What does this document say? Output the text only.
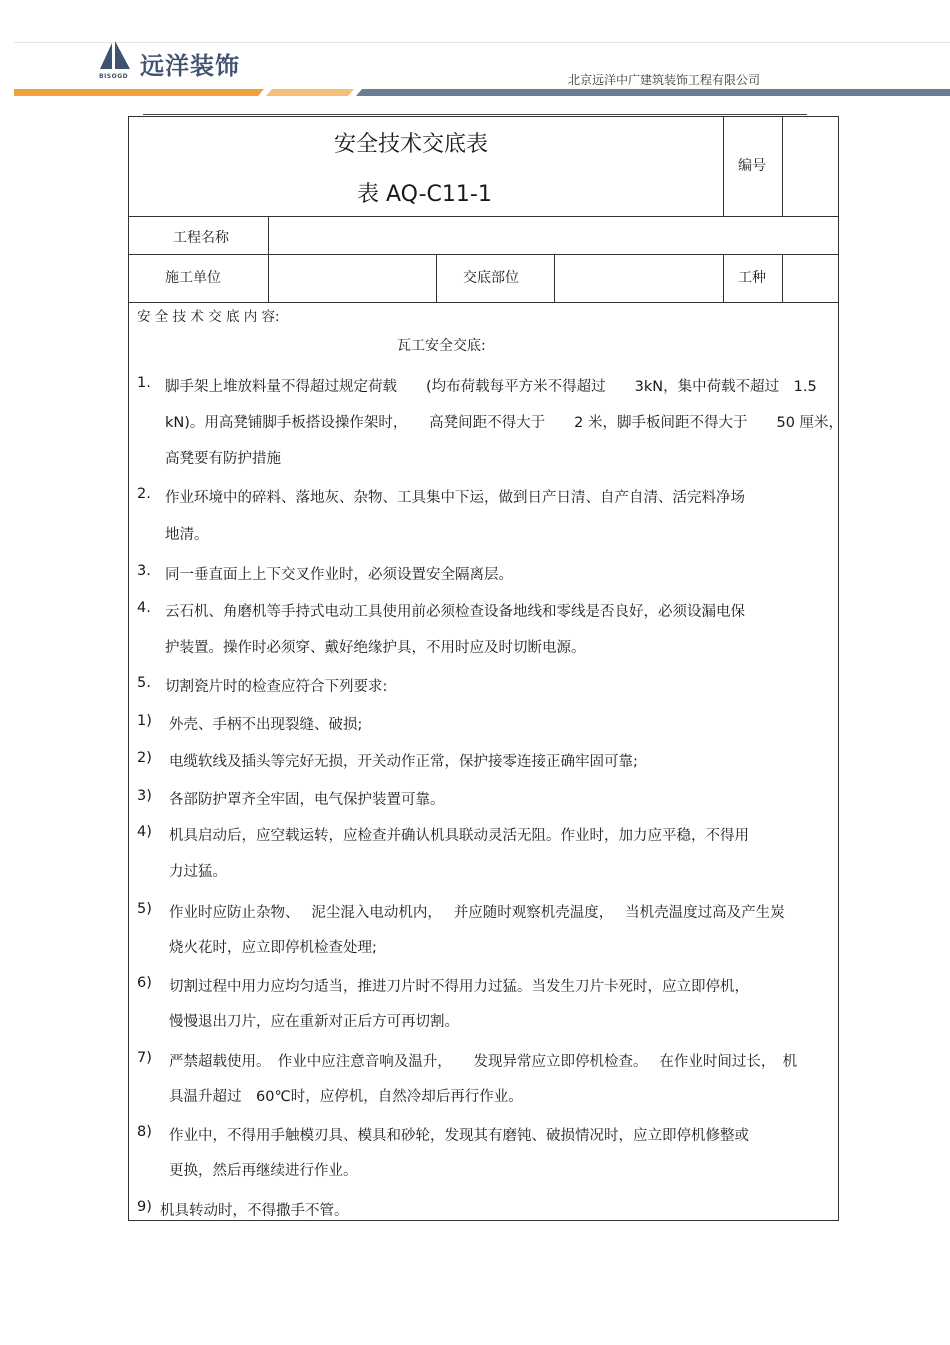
远洋装饰
BISOGD	北京远洋中广建筑装饰工程有限公司
安全技术交底表
表 AQ-C11-1
编号
工程名称
施工单位	交底部位	工种
安 全 技 术 交 底 内 容:
瓦工安全交底:
1. 脚手架上堆放料量不得超过规定荷载　　(均布荷载每平方米不得超过　　3kN，集中荷载不超过　1.5
kN)。用高凳铺脚手板搭设操作架时，　　高凳间距不得大于　　2 米，脚手板间距不得大于　　50 厘米，
高凳要有防护措施
2. 作业环境中的碎料、落地灰、杂物、工具集中下运，做到日产日清、自产自清、活完料净场
地清。
3. 同一垂直面上上下交叉作业时，必须设置安全隔离层。
4. 云石机、角磨机等手持式电动工具使用前必须检查设备地线和零线是否良好，必须设漏电保
护装置。操作时必须穿、戴好绝缘护具，不用时应及时切断电源。
5. 切割瓷片时的检查应符合下列要求:
1) 外壳、手柄不出现裂缝、破损;
2) 电缆软线及插头等完好无损，开关动作正常，保护接零连接正确牢固可靠;
3) 各部防护罩齐全牢固，电气保护装置可靠。
4) 机具启动后，应空载运转，应检查并确认机具联动灵活无阻。作业时，加力应平稳，不得用
力过猛。
5) 作业时应防止杂物、　 泥尘混入电动机内，　 并应随时观察机壳温度，　 当机壳温度过高及产生炭
烧火花时，应立即停机检查处理;
6) 切割过程中用力应均匀适当，推进刀片时不得用力过猛。当发生刀片卡死时，应立即停机，
慢慢退出刀片，应在重新对正后方可再切割。
7) 严禁超载使用。　作业中应注意音响及温升，　　发现异常应立即停机检查。　 在作业时间过长，　机
具温升超过　60℃时，应停机，自然冷却后再行作业。
8) 作业中，不得用手触模刃具、模具和砂轮，发现其有磨钝、破损情况时，应立即停机修整或
更换，然后再继续进行作业。
9) 机具转动时，不得撒手不管。
